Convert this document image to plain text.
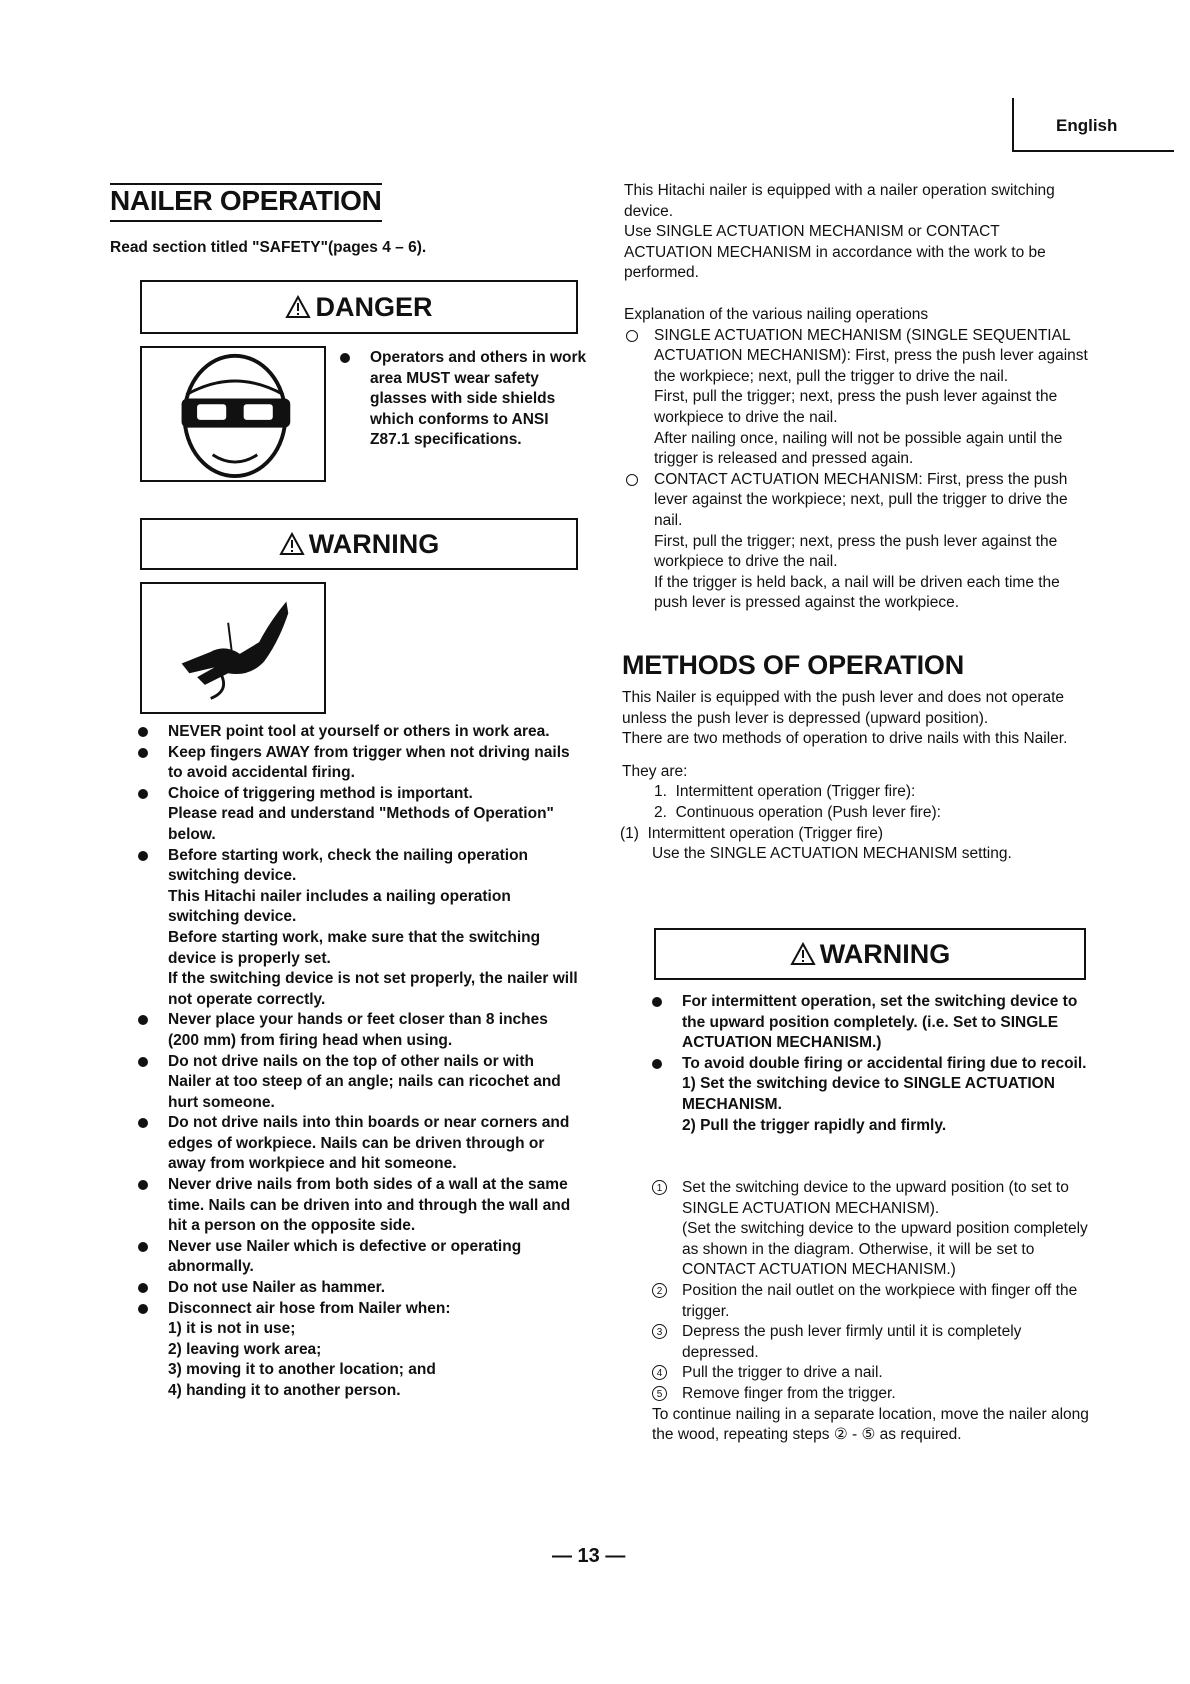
English
NAILER OPERATION
Read section titled "SAFETY"(pages 4 – 6).
DANGER
Operators and others in work area MUST wear safety glasses with side shields which conforms to ANSI Z87.1 specifications.
WARNING
NEVER point tool at yourself or others in work area.
Keep fingers AWAY from trigger when not driving nails to avoid accidental firing.
Choice of triggering method is important.
Please read and understand "Methods of Operation" below.
Before starting work, check the nailing operation switching device.
This Hitachi nailer includes a nailing operation switching device.
Before starting work, make sure that the switching device is properly set.
If the switching device is not set properly, the nailer will not operate correctly.
Never place your hands or feet closer than 8 inches (200 mm) from firing head when using.
Do not drive nails on the top of other nails or with Nailer at too steep of an angle; nails can ricochet and hurt someone.
Do not drive nails into thin boards or near corners and edges of workpiece. Nails can be driven through or away from workpiece and hit someone.
Never drive nails from both sides of a wall at the same time. Nails can be driven into and through the wall and hit a person on the opposite side.
Never use Nailer which is defective or operating abnormally.
Do not use Nailer as hammer.
Disconnect air hose from Nailer when:
1) it is not in use;
2) leaving work area;
3) moving it to another location; and
4) handing it to another person.
This Hitachi nailer is equipped with a nailer operation switching device.
Use SINGLE ACTUATION MECHANISM or CONTACT ACTUATION MECHANISM in accordance with the work to be performed.
Explanation of the various nailing operations
SINGLE ACTUATION MECHANISM (SINGLE SEQUENTIAL ACTUATION MECHANISM): First, press the push lever against the workpiece; next, pull the trigger to drive the nail.
First, pull the trigger; next, press the push lever against the workpiece to drive the nail.
After nailing once, nailing will not be possible again until the trigger is released and pressed again.
CONTACT ACTUATION MECHANISM: First, press the push lever against the workpiece; next, pull the trigger to drive the nail.
First, pull the trigger; next, press the push lever against the workpiece to drive the nail.
If the trigger is held back, a nail will be driven each time the push lever is pressed against the workpiece.
METHODS OF OPERATION
This Nailer is equipped with the push lever and does not operate unless the push lever is depressed (upward position).
There are two methods of operation to drive nails with this Nailer.
They are:
1. Intermittent operation (Trigger fire):
2. Continuous operation (Push lever fire):
(1) Intermittent operation (Trigger fire)
Use the SINGLE ACTUATION MECHANISM setting.
WARNING
For intermittent operation, set the switching device to the upward position completely. (i.e. Set to SINGLE ACTUATION MECHANISM.)
To avoid double firing or accidental firing due to recoil.
1) Set the switching device to SINGLE ACTUATION MECHANISM.
2) Pull the trigger rapidly and firmly.
1	Set the switching device to the upward position (to set to SINGLE ACTUATION MECHANISM).
(Set the switching device to the upward position completely as shown in the diagram. Otherwise, it will be set to CONTACT ACTUATION MECHANISM.)
2	Position the nail outlet on the workpiece with finger off the trigger.
3	Depress the push lever firmly until it is completely depressed.
4	Pull the trigger to drive a nail.
5	Remove finger from the trigger.
To continue nailing in a separate location, move the nailer along the wood, repeating steps ② - ⑤ as required.
— 13 —
